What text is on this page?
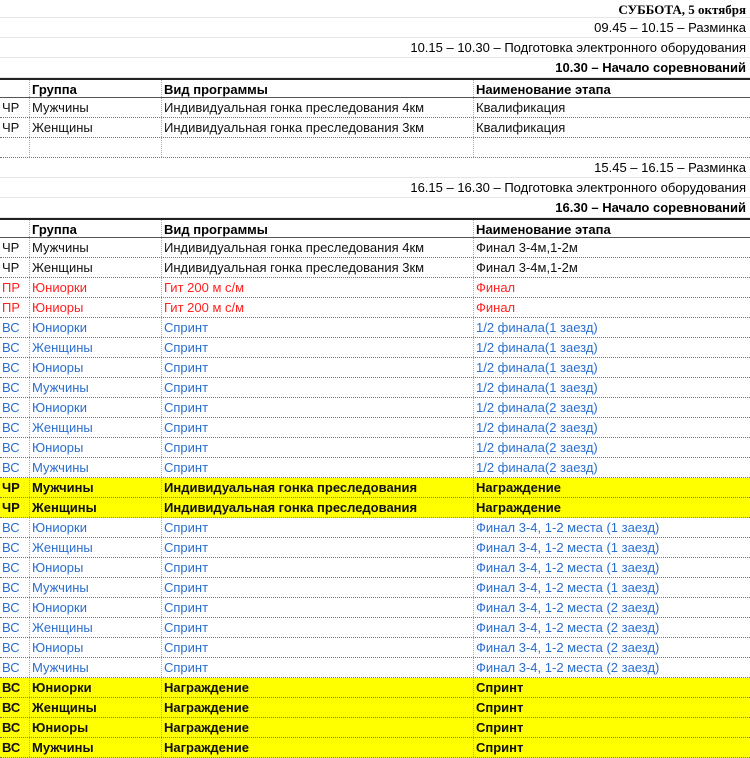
СУББОТА, 5 октября
09.45 – 10.15 – Разминка
10.15 – 10.30 – Подготовка электронного оборудования
10.30 – Начало соревнований
Группа	Вид программы	Наименование этапа
ЧР Мужчины	Индивидуальная гонка преследования 4км	Квалификация
ЧР Женщины	Индивидуальная гонка преследования 3км	Квалификация
15.45 – 16.15 – Разминка
16.15 – 16.30 – Подготовка электронного оборудования
16.30 – Начало соревнований
Группа	Вид программы	Наименование этапа
ЧР Мужчины	Индивидуальная гонка преследования 4км	Финал 3-4м,1-2м
ЧР Женщины	Индивидуальная гонка преследования 3км	Финал 3-4м,1-2м
ПР Юниорки	Гит 200 м с/м	Финал
ПР Юниоры	Гит 200 м с/м	Финал
ВС Юниорки	Спринт	1/2 финала(1 заезд)
ВС Женщины	Спринт	1/2 финала(1 заезд)
ВС Юниоры	Спринт	1/2 финала(1 заезд)
ВС Мужчины	Спринт	1/2 финала(1 заезд)
ВС Юниорки	Спринт	1/2 финала(2 заезд)
ВС Женщины	Спринт	1/2 финала(2 заезд)
ВС Юниоры	Спринт	1/2 финала(2 заезд)
ВС Мужчины	Спринт	1/2 финала(2 заезд)
ЧР Мужчины	Индивидуальная гонка преследования	Награждение
ЧР Женщины	Индивидуальная гонка преследования	Награждение
ВС Юниорки	Спринт	Финал 3-4, 1-2 места (1 заезд)
ВС Женщины	Спринт	Финал 3-4, 1-2 места (1 заезд)
ВС Юниоры	Спринт	Финал 3-4, 1-2 места (1 заезд)
ВС Мужчины	Спринт	Финал 3-4, 1-2 места (1 заезд)
ВС Юниорки	Спринт	Финал 3-4, 1-2 места (2 заезд)
ВС Женщины	Спринт	Финал 3-4, 1-2 места (2 заезд)
ВС Юниоры	Спринт	Финал 3-4, 1-2 места (2 заезд)
ВС Мужчины	Спринт	Финал 3-4, 1-2 места (2 заезд)
ВС Юниорки	Награждение	Спринт
ВС Женщины	Награждение	Спринт
ВС Юниоры	Награждение	Спринт
ВС Мужчины	Награждение	Спринт
